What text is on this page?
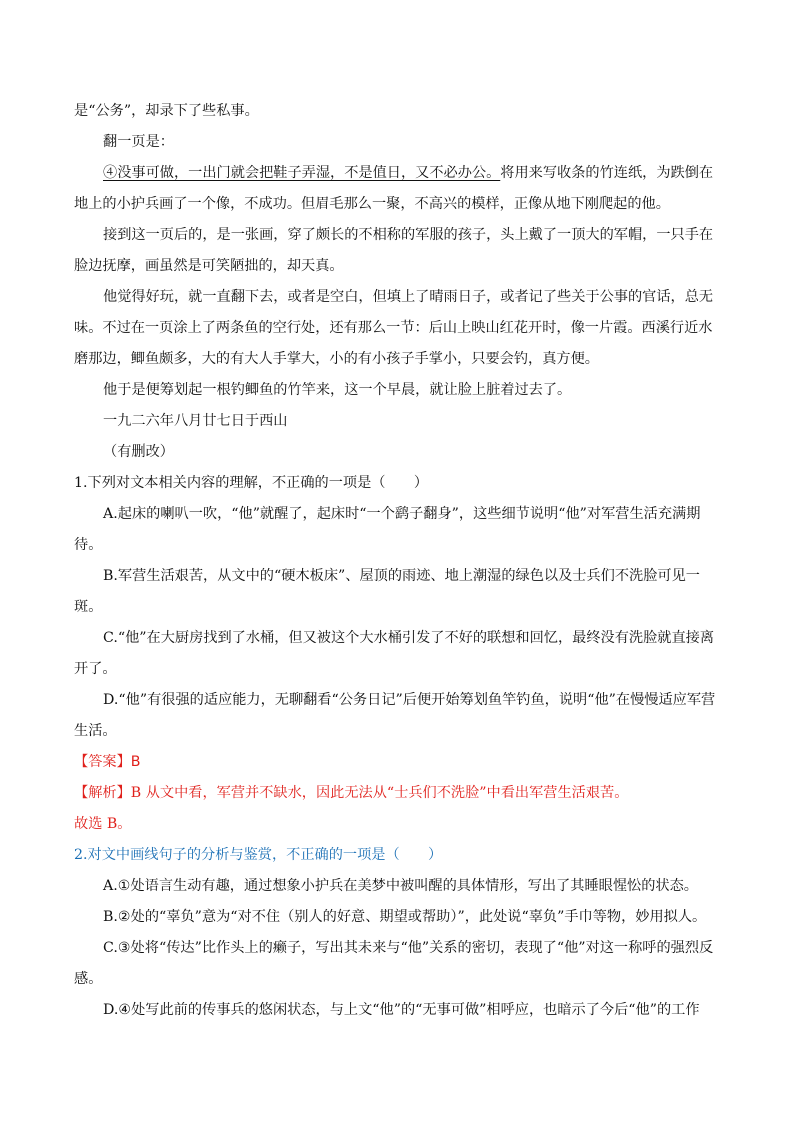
是“公务”，却录下了些私事。

翻一页是：

④没事可做，一出门就会把鞋子弄湿，不是值日，又不必办公。将用来写收条的竹连纸，为跌倒在地上的小护兵画了一个像，不成功。但眉毛那么一聚，不高兴的模样，正像从地下刚爬起的他。

接到这一页后的，是一张画，穿了颇长的不相称的军服的孩子，头上戴了一顶大的军帽，一只手在脸边抚摩，画虽然是可笑陋拙的，却天真。

他觉得好玩，就一直翻下去，或者是空白，但填上了晴雨日子，或者记了些关于公事的官话，总无味。不过在一页涂上了两条鱼的空行处，还有那么一节：后山上映山红花开时，像一片霞。西溪行近水磨那边，鲫鱼颇多，大的有大人手掌大，小的有小孩子手掌小，只要会钓，真方便。

他于是便筹划起一根钓鲫鱼的竹竿来，这一个早晨，就让脸上脏着过去了。

一九二六年八月廿七日于西山

（有删改）

1.下列对文本相关内容的理解，不正确的一项是（　　）

A.起床的喇叭一吹，“他”就醒了，起床时“一个鹞子翻身”，这些细节说明“他”对军营生活充满期待。

B.军营生活艰苦，从文中的“硬木板床”、屋顶的雨迹、地上潮湿的绿色以及士兵们不洗脸可见一斑。

C.“他”在大厨房找到了水桶，但又被这个大水桶引发了不好的联想和回忆，最终没有洗脸就直接离开了。

D.“他”有很强的适应能力，无聊翻看“公务日记”后便开始筹划鱼竿钓鱼，说明“他”在慢慢适应军营生活。

【答案】B

【解析】B 从文中看，军营并不缺水，因此无法从“士兵们不洗脸”中看出军营生活艰苦。

故选 B。

2.对文中画线句子的分析与鉴赏，不正确的一项是（　　）

A.①处语言生动有趣，通过想象小护兵在美梦中被叫醒的具体情形，写出了其睡眼惺忪的状态。

B.②处的“辜负”意为“对不住（别人的好意、期望或帮助）”，此处说“辜负”手巾等物，妙用拟人。

C.③处将“传达”比作头上的癞子，写出其未来与“他”关系的密切，表现了“他”对这一称呼的强烈反感。

D.④处写此前的传事兵的悠闲状态，与上文“他”的“无事可做”相呼应，也暗示了今后“他”的工作
